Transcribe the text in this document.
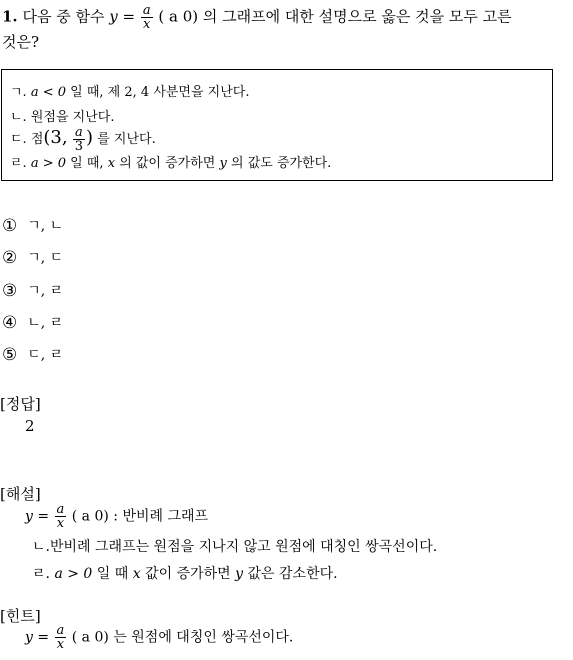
1. 다음 중 함수 $y = \frac{a}{x}$ ( a 0) 의 그래프에 대한 설명으로 옳은 것을 모두 고른
것은?
ㄱ. a < 0 일 때, 제 2, 4 사분면을 지난다.
ㄴ. 원점을 지난다.
ㄷ. 점(3, $\frac{a}{3}$ ) 를 지난다.
ㄹ. a > 0 일 때, x 의 값이 증가하면 y 의 값도 증가한다.
① ㄱ, ㄴ
② ㄱ, ㄷ
③ ㄱ, ㄹ
④ ㄴ, ㄹ
⑤ ㄷ, ㄹ
[정답]
2
[해설]
$y = \frac{a}{x}$ ( a 0) : 반비례 그래프
ㄴ.반비례 그래프는 원점을 지나지 않고 원점에 대칭인 쌍곡선이다.
ㄹ. a > 0 일 때 x 값이 증가하면 y 값은 감소한다.
[힌트]
$y = \frac{a}{x}$ ( a 0) 는 원점에 대칭인 쌍곡선이다.
